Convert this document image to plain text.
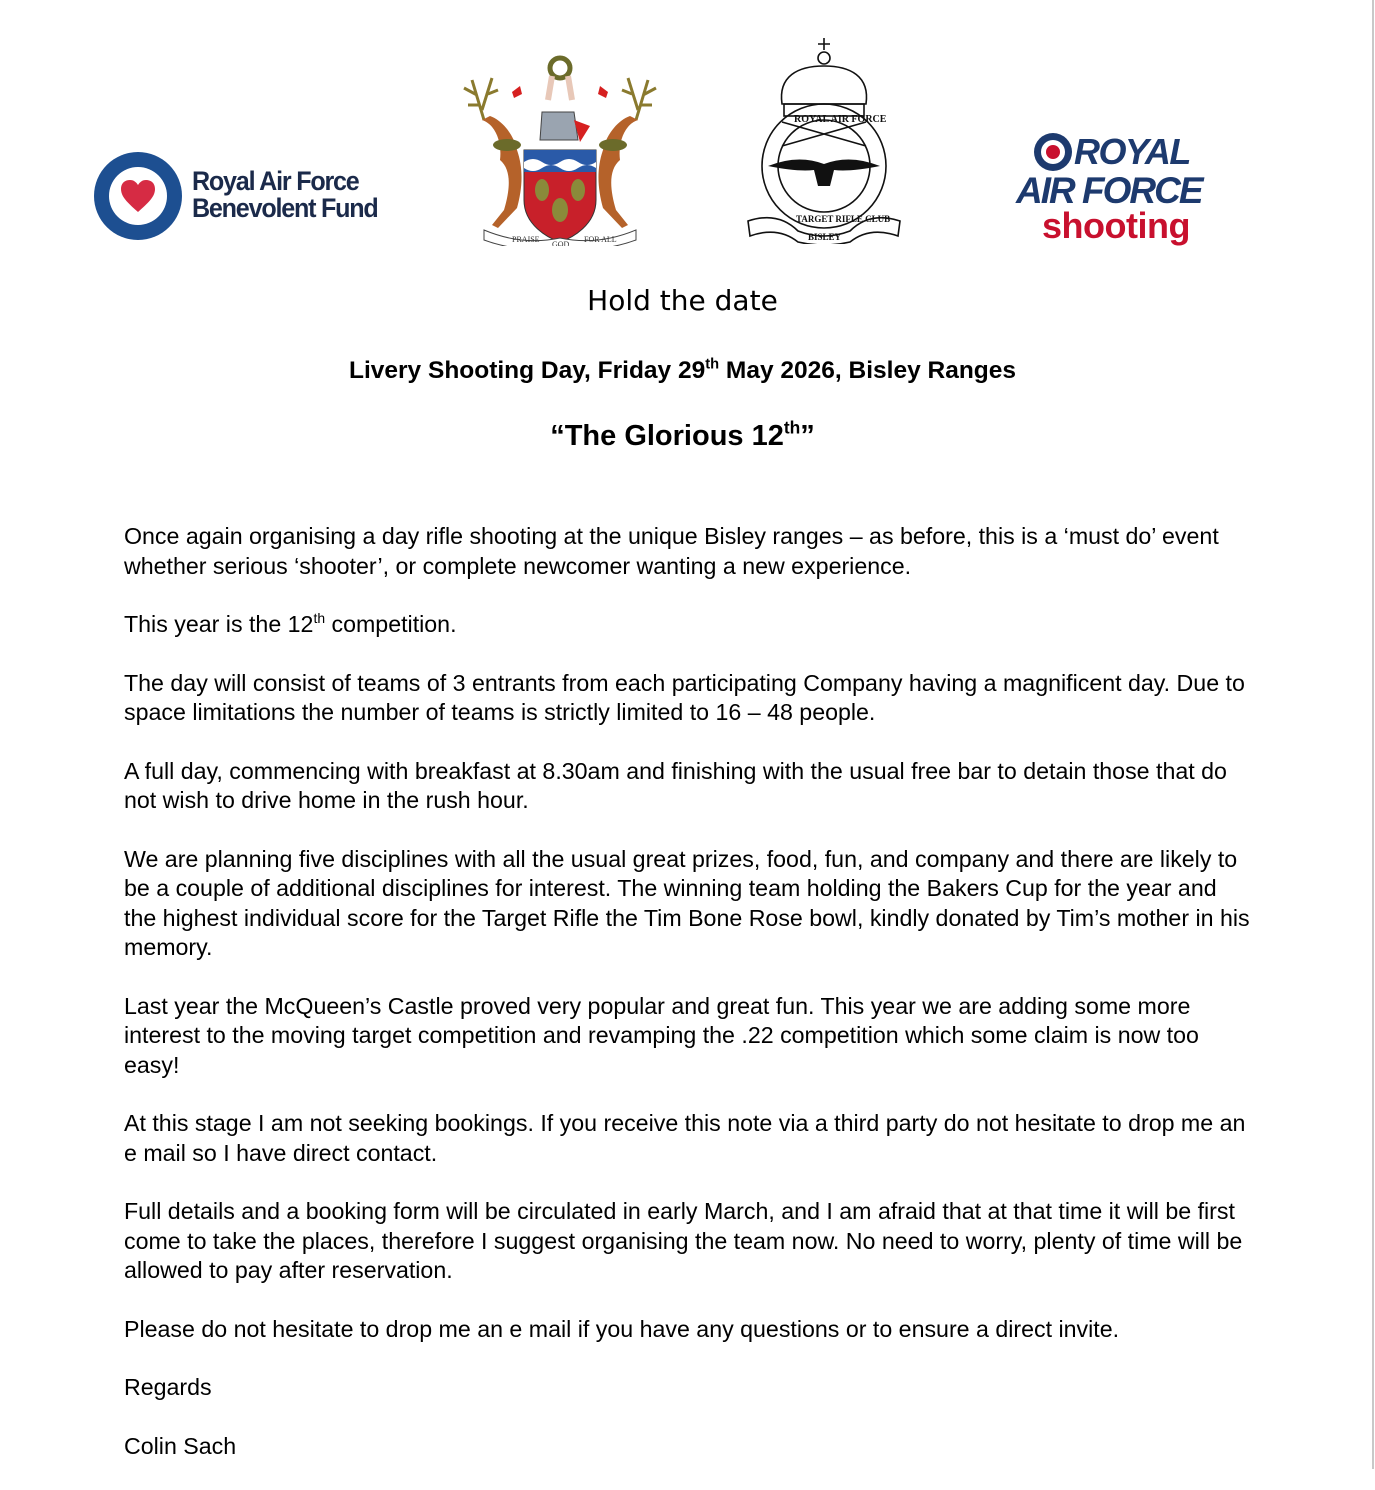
Royal Air Force
Benevolent Fund
PRAISE
GOD
FOR ALL
ROYAL AIR FORCE
TARGET RIFLE CLUB
BISLEY
ROYAL
AIR FORCE
shooting
Hold the date
Livery Shooting Day, Friday 29th May 2026, Bisley Ranges
“The Glorious 12th”

Once again organising a day rifle shooting at the unique Bisley ranges – as before, this is a ‘must do’ event whether serious ‘shooter’, or complete newcomer wanting a new experience.

This year is the 12th competition.

The day will consist of teams of 3 entrants from each participating Company having a magnificent day. Due to space limitations the number of teams is strictly limited to 16 – 48 people.

A full day, commencing with breakfast at 8.30am and finishing with the usual free bar to detain those that do not wish to drive home in the rush hour.

We are planning five disciplines with all the usual great prizes, food, fun, and company and there are likely to be a couple of additional disciplines for interest. The winning team holding the Bakers Cup for the year and the highest individual score for the Target Rifle the Tim Bone Rose bowl, kindly donated by Tim’s mother in his memory.

Last year the McQueen’s Castle proved very popular and great fun. This year we are adding some more interest to the moving target competition and revamping the .22 competition which some claim is now too easy!

At this stage I am not seeking bookings. If you receive this note via a third party do not hesitate to drop me an e mail so I have direct contact.

Full details and a booking form will be circulated in early March, and I am afraid that at that time it will be first come to take the places, therefore I suggest organising the team now. No need to worry, plenty of time will be allowed to pay after reservation.

Please do not hesitate to drop me an e mail if you have any questions or to ensure a direct invite.

Regards

Colin Sach
